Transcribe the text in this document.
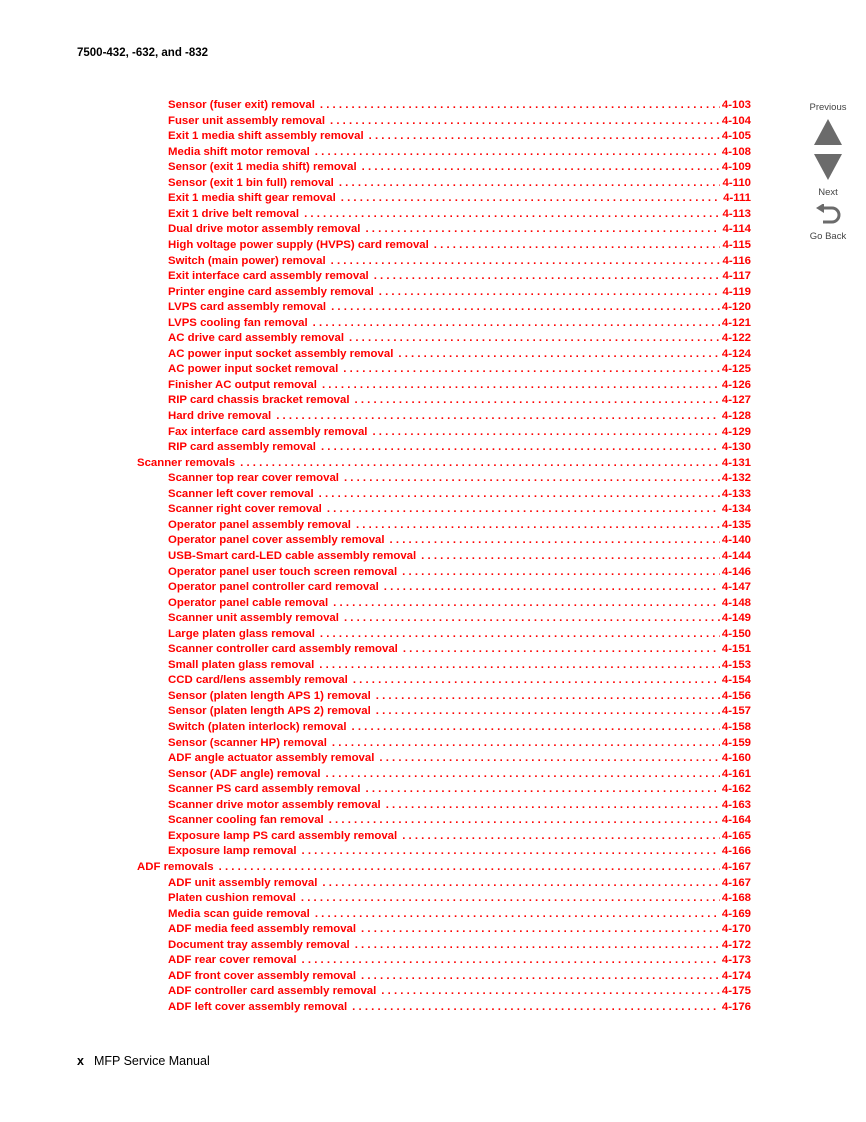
7500-432, -632, and -832
Sensor (fuser exit) removal . . .	4-103
Fuser unit assembly removal . . .	4-104
Exit 1 media shift assembly removal . . .	4-105
Media shift motor removal . . .	4-108
Sensor (exit 1 media shift) removal . . .	4-109
Sensor (exit 1 bin full) removal . . .	4-110
Exit 1 media shift gear removal . . .	4-111
Exit 1 drive belt removal . . .	4-113
Dual drive motor assembly removal . . .	4-114
High voltage power supply (HVPS) card removal . . .	4-115
Switch (main power) removal . . .	4-116
Exit interface card assembly removal . . .	4-117
Printer engine card assembly removal . . .	4-119
LVPS card assembly removal . . .	4-120
LVPS cooling fan removal . . .	4-121
AC drive card assembly removal . . .	4-122
AC power input socket assembly removal . . .	4-124
AC power input socket removal . . .	4-125
Finisher AC output removal . . .	4-126
RIP card chassis bracket removal . . .	4-127
Hard drive removal . . .	4-128
Fax interface card assembly removal . . .	4-129
RIP card assembly removal . . .	4-130
Scanner removals . . .	4-131
Scanner top rear cover removal . . .	4-132
Scanner left cover removal . . .	4-133
Scanner right cover removal . . .	4-134
Operator panel assembly removal . . .	4-135
Operator panel cover assembly removal . . .	4-140
USB-Smart card-LED cable assembly removal . . .	4-144
Operator panel user touch screen removal . . .	4-146
Operator panel controller card removal . . .	4-147
Operator panel cable removal . . .	4-148
Scanner unit assembly removal . . .	4-149
Large platen glass removal . . .	4-150
Scanner controller card assembly removal . . .	4-151
Small platen glass removal . . .	4-153
CCD card/lens assembly removal . . .	4-154
Sensor (platen length APS 1) removal . . .	4-156
Sensor (platen length APS 2) removal . . .	4-157
Switch (platen interlock) removal . . .	4-158
Sensor (scanner HP) removal . . .	4-159
ADF angle actuator assembly removal . . .	4-160
Sensor (ADF angle) removal . . .	4-161
Scanner PS card assembly removal . . .	4-162
Scanner drive motor assembly removal . . .	4-163
Scanner cooling fan removal . . .	4-164
Exposure lamp PS card assembly removal . . .	4-165
Exposure lamp removal . . .	4-166
ADF removals . . .	4-167
ADF unit assembly removal . . .	4-167
Platen cushion removal . . .	4-168
Media scan guide removal . . .	4-169
ADF media feed assembly removal . . .	4-170
Document tray assembly removal . . .	4-172
ADF rear cover removal . . .	4-173
ADF front cover assembly removal . . .	4-174
ADF controller card assembly removal . . .	4-175
ADF left cover assembly removal . . .	4-176
Previous
Next
Go Back
x MFP Service Manual
